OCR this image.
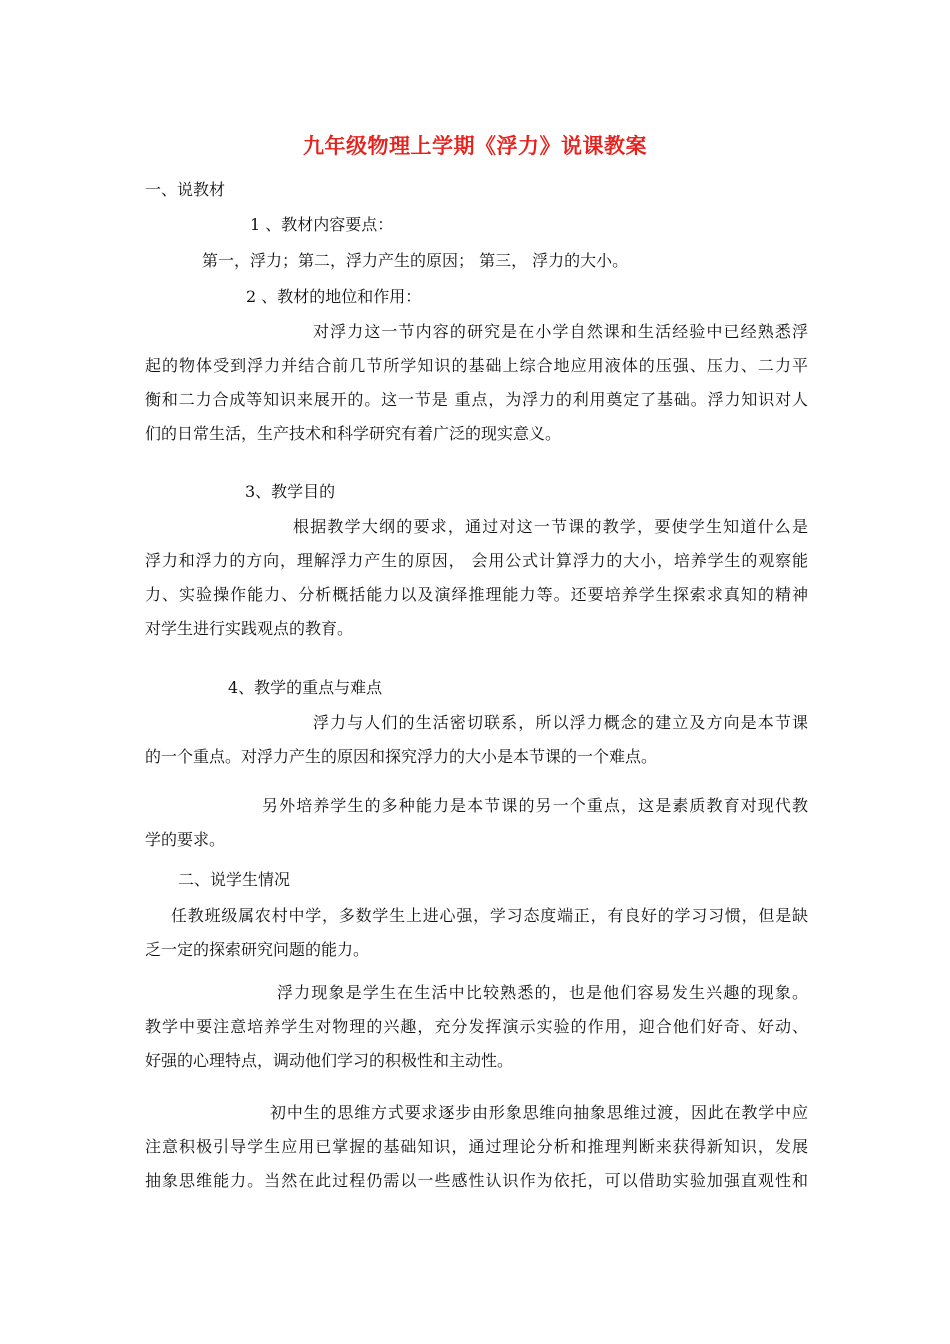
九年级物理上学期《浮力》说课教案
一、说教材
1 、教材内容要点：
第一，浮力；第二，浮力产生的原因； 第三， 浮力的大小。
2 、教材的地位和作用：
对浮力这一节内容的研究是在小学自然课和生活经验中已经熟悉浮
起的物体受到浮力并结合前几节所学知识的基础上综合地应用液体的压强、压力、二力平
衡和二力合成等知识来展开的。这一节是 重点，为浮力的利用奠定了基础。浮力知识对人
们的日常生活，生产技术和科学研究有着广泛的现实意义。
3、教学目的
根据教学大纲的要求，通过对这一节课的教学，要使学生知道什么是
浮力和浮力的方向，理解浮力产生的原因， 会用公式计算浮力的大小，培养学生的观察能
力、实验操作能力、分析概括能力以及演绎推理能力等。还要培养学生探索求真知的精神
对学生进行实践观点的教育。
4、教学的重点与难点
浮力与人们的生活密切联系，所以浮力概念的建立及方向是本节课
的一个重点。对浮力产生的原因和探究浮力的大小是本节课的一个难点。
另外培养学生的多种能力是本节课的另一个重点，这是素质教育对现代教
学的要求。
二、说学生情况
任教班级属农村中学，多数学生上进心强，学习态度端正，有良好的学习习惯，但是缺
乏一定的探索研究问题的能力。
浮力现象是学生在生活中比较熟悉的，也是他们容易发生兴趣的现象。
教学中要注意培养学生对物理的兴趣，充分发挥演示实验的作用，迎合他们好奇、好动、
好强的心理特点，调动他们学习的积极性和主动性。
初中生的思维方式要求逐步由形象思维向抽象思维过渡，因此在教学中应
注意积极引导学生应用已掌握的基础知识，通过理论分析和推理判断来获得新知识，发展
抽象思维能力。当然在此过程仍需以一些感性认识作为依托，可以借助实验加强直观性和
